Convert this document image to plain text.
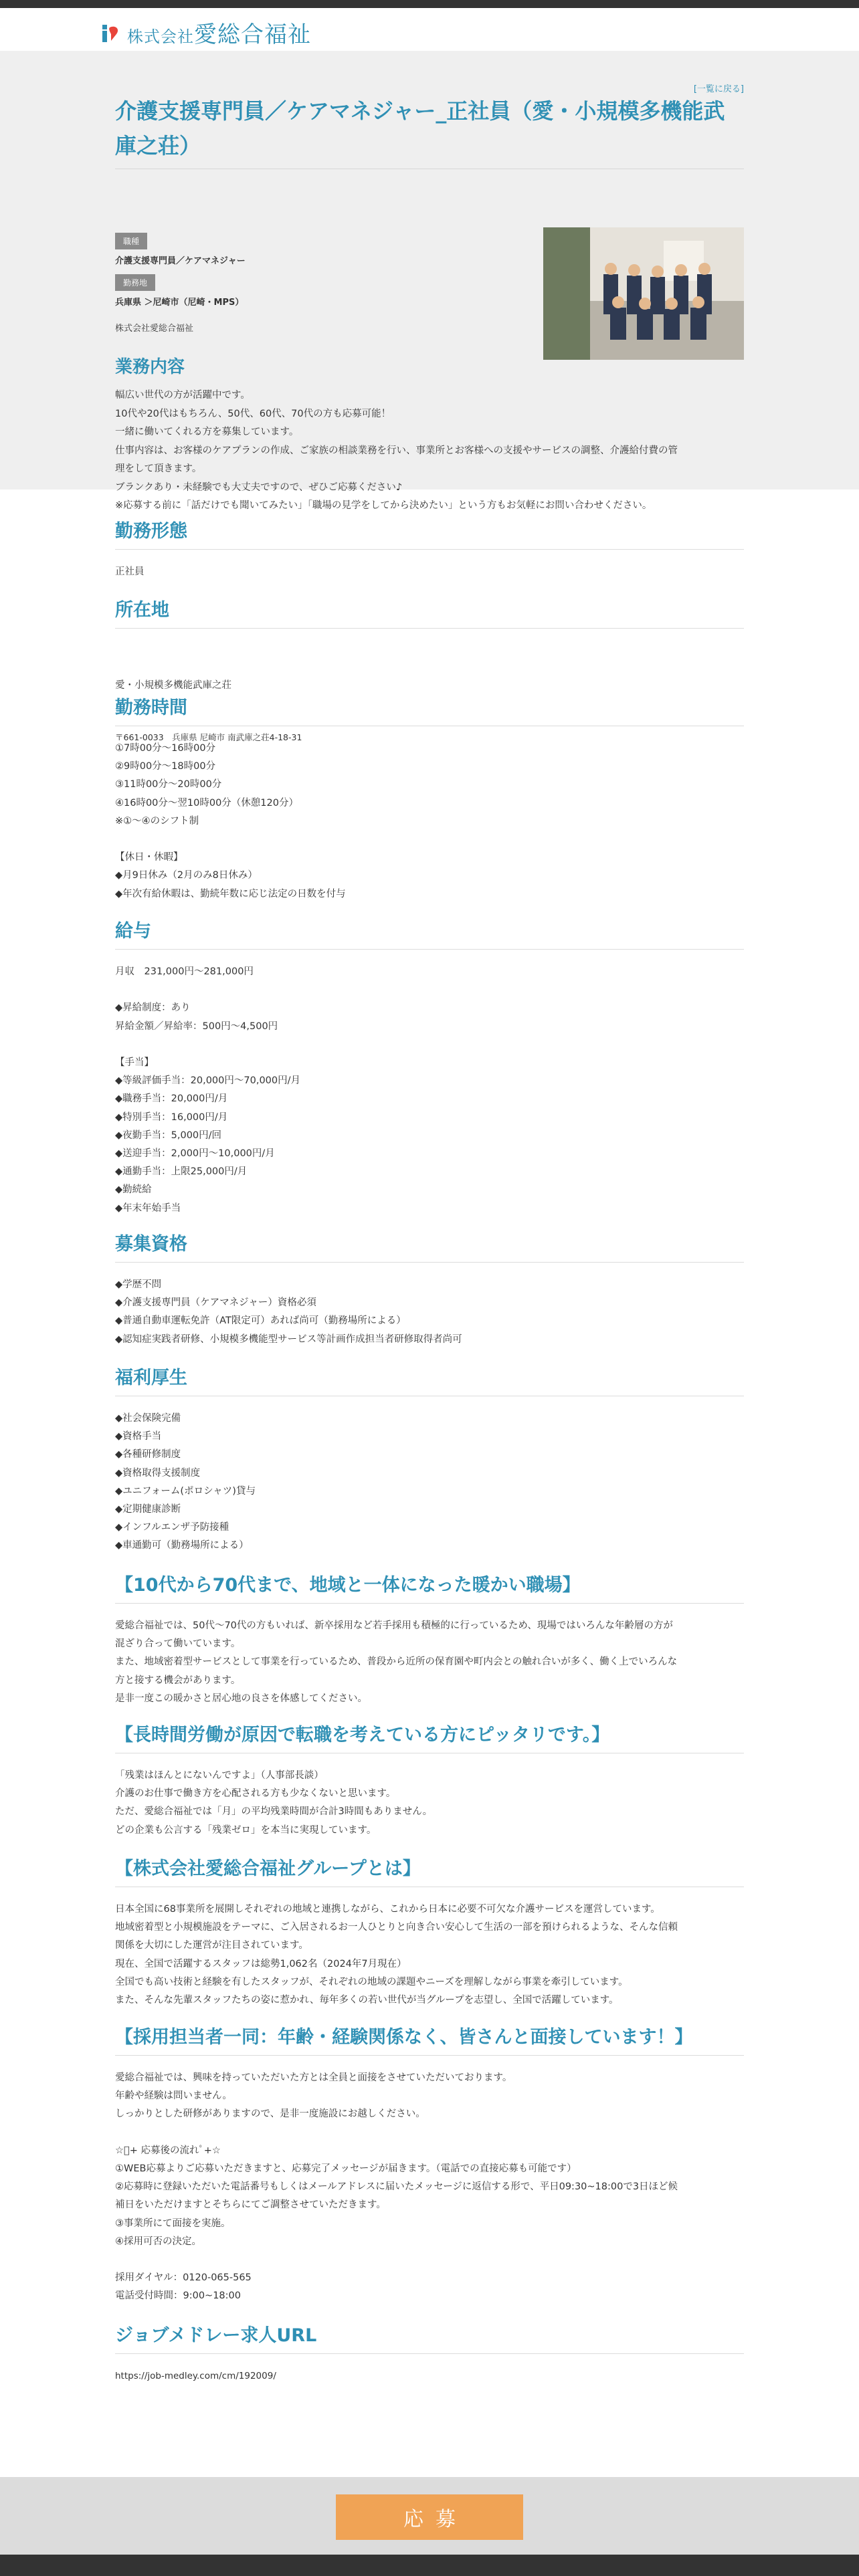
株式会社愛総合福祉
[一覧に戻る]
介護支援専門員／ケアマネジャー_正社員（愛・小規模多機能武庫之荘）
職種
介護支援専門員／ケアマネジャー
勤務地
兵庫県 ＞尼崎市（尼崎・MPS）
株式会社愛総合福祉
業務内容
幅広い世代の方が活躍中です。
10代や20代はもちろん、50代、60代、70代の方も応募可能！
一緒に働いてくれる方を募集しています。
仕事内容は、お客様のケアプランの作成、ご家族の相談業務を行い、事業所とお客様への支援やサービスの調整、介護給付費の管
理をして頂きます。
ブランクあり・未経験でも大丈夫ですので、ぜひご応募ください♪
※応募する前に「話だけでも聞いてみたい」「職場の見学をしてから決めたい」という方もお気軽にお問い合わせください。
勤務形態
正社員
所在地

愛・小規模多機能武庫之荘

〒661-0033　兵庫県 尼崎市 南武庫之荘4-18-31

勤務時間
①7時00分～16時00分
②9時00分～18時00分
③11時00分～20時00分
④16時00分～翌10時00分（休憩120分）
※①～④のシフト制

【休日・休暇】
◆月9日休み（2月のみ8日休み）
◆年次有給休暇は、勤続年数に応じ法定の日数を付与
給与
月収　231,000円～281,000円

◆昇給制度：あり
昇給金額／昇給率：500円～4,500円

【手当】
◆等級評価手当：20,000円～70,000円/月
◆職務手当：20,000円/月
◆特別手当：16,000円/月
◆夜勤手当：5,000円/回
◆送迎手当：2,000円～10,000円/月
◆通勤手当：上限25,000円/月
◆勤続給
◆年末年始手当
募集資格
◆学歴不問
◆介護支援専門員（ケアマネジャー）資格必須
◆普通自動車運転免許（AT限定可）あれば尚可（勤務場所による）
◆認知症実践者研修、小規模多機能型サービス等計画作成担当者研修取得者尚可
福利厚生
◆社会保険完備
◆資格手当
◆各種研修制度
◆資格取得支援制度
◆ユニフォーム(ポロシャツ)貸与
◆定期健康診断
◆インフルエンザ予防接種
◆車通勤可（勤務場所による）
【10代から70代まで、地域と一体になった暖かい職場】
愛総合福祉では、50代〜70代の方もいれば、新卒採用など若手採用も積極的に行っているため、現場ではいろんな年齢層の方が
混ざり合って働いています。
また、地域密着型サービスとして事業を行っているため、普段から近所の保育園や町内会との触れ合いが多く、働く上でいろんな
方と接する機会があります。
是非一度この暖かさと居心地の良さを体感してください。
【長時間労働が原因で転職を考えている方にピッタリです。】
「残業はほんとにないんですよ」（人事部長談）
介護のお仕事で働き方を心配される方も少なくないと思います。
ただ、愛総合福祉では「月」の平均残業時間が合計3時間もありません。
どの企業も公言する「残業ゼロ」を本当に実現しています。
【株式会社愛総合福祉グループとは】
日本全国に68事業所を展開しそれぞれの地域と連携しながら、これから日本に必要不可欠な介護サービスを運営しています。
地域密着型と小規模施設をテーマに、ご入居されるお一人ひとりと向き合い安心して生活の一部を預けられるような、そんな信頼
関係を大切にした運営が注目されています。
現在、全国で活躍するスタッフは総勢1,062名（2024年7月現在）
全国でも高い技術と経験を有したスタッフが、それぞれの地域の課題やニーズを理解しながら事業を牽引しています。
また、そんな先輩スタッフたちの姿に惹かれ、毎年多くの若い世代が当グループを志望し、全国で活躍しています。
【採用担当者一同：年齢・経験関係なく、皆さんと面接しています！】
愛総合福祉では、興味を持っていただいた方とは全員と面接をさせていただいております。
年齢や経験は問いません。
しっかりとした研修がありますので、是非一度施設にお越しください。

☆ﾟ+ 応募後の流れﾟ+☆
①WEB応募よりご応募いただきますと、応募完了メッセージが届きます。（電話での直接応募も可能です）
②応募時に登録いただいた電話番号もしくはメールアドレスに届いたメッセージに返信する形で、平日09:30~18:00で3日ほど候
補日をいただけますとそちらにてご調整させていただきます。
③事業所にて面接を実施。
④採用可否の決定。

採用ダイヤル：0120-065-565
電話受付時間：9:00~18:00
ジョブメドレー求人URL
https://job-medley.com/cm/192009/
応募
